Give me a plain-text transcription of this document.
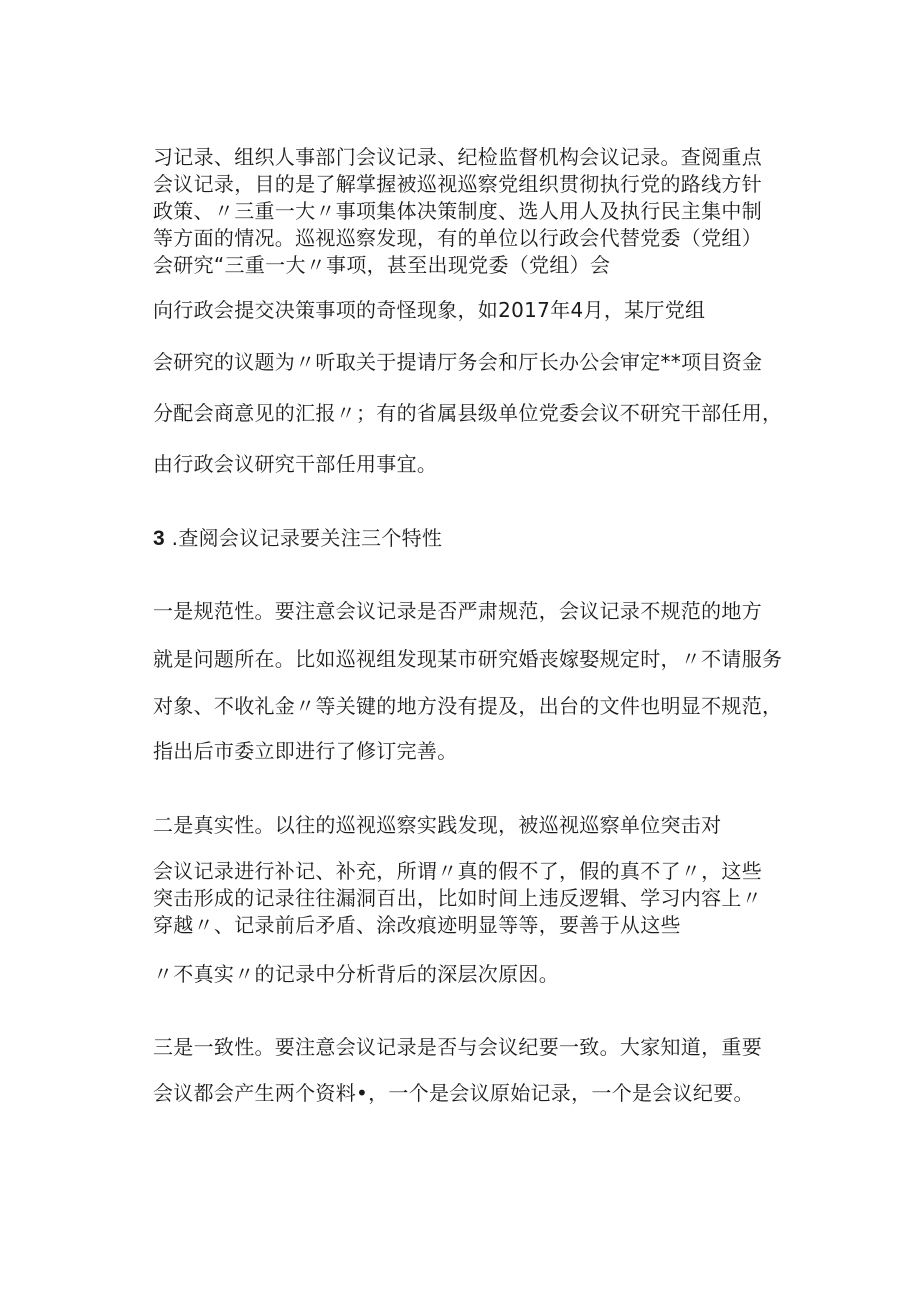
习记录、组织人事部门会议记录、纪检监督机构会议记录。查阅重点
会议记录，目的是了解掌握被巡视巡察党组织贯彻执行党的路线方针
政策、〃三重一大〃事项集体决策制度、选人用人及执行民主集中制
等方面的情况。巡视巡察发现，有的单位以行政会代替党委（党组）
会研究“三重一大〃事项，甚至出现党委（党组）会
向行政会提交决策事项的奇怪现象，如2017年4月，某厅党组
会研究的议题为〃听取关于提请厅务会和厅长办公会审定**项目资金
分配会商意见的汇报〃；有的省属县级单位党委会议不研究干部任用，
由行政会议研究干部任用事宜。
3 .查阅会议记录要关注三个特性
一是规范性。要注意会议记录是否严肃规范，会议记录不规范的地方
就是问题所在。比如巡视组发现某市研究婚丧嫁娶规定时，〃不请服务
对象、不收礼金〃等关键的地方没有提及，出台的文件也明显不规范，
指出后市委立即进行了修订完善。
二是真实性。以往的巡视巡察实践发现，被巡视巡察单位突击对
会议记录进行补记、补充，所谓〃真的假不了，假的真不了〃，这些
突击形成的记录往往漏洞百出，比如时间上违反逻辑、学习内容上〃
穿越〃、记录前后矛盾、涂改痕迹明显等等，要善于从这些
〃不真实〃的记录中分析背后的深层次原因。
三是一致性。要注意会议记录是否与会议纪要一致。大家知道，重要
会议都会产生两个资料•，一个是会议原始记录，一个是会议纪要。
